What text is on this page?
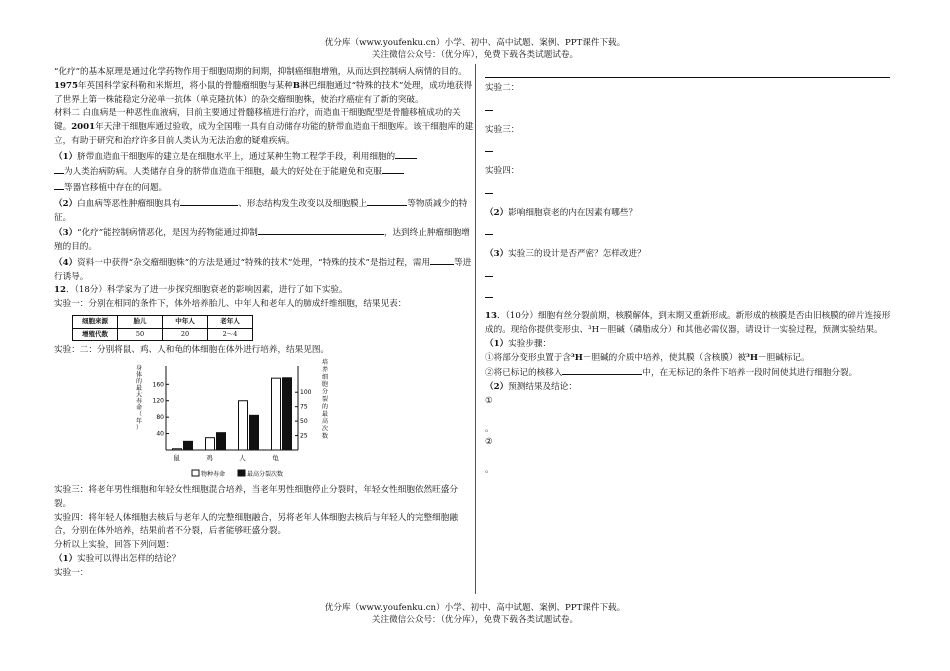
优分库（www.youfenku.cn）小学、初中、高中试题、案例、PPT课件下载。
关注微信公众号：（优分库），免费下载各类试题试卷。

“化疗”的基本原理是通过化学药物作用于细胞周期的间期，抑制癌细胞增殖，从而达到控制病人病情的目的。

1975年英国科学家科勒和米斯坦，将小鼠的骨髓瘤细胞与某种B淋巴细胞通过“特殊的技术”处理，成功地获得了世界上第一株能稳定分泌单一抗体（单克隆抗体）的杂交瘤细胞株，使治疗癌症有了新的突破。

材料二 白血病是一种恶性血液病，目前主要通过骨髓移植进行治疗，而造血干细胞配型是骨髓移植成功的关键。2001年天津干细胞库通过验收，成为全国唯一具有自动储存功能的脐带血造血干细胞库。该干细胞库的建立，有助于研究和治疗许多目前人类认为无法治愈的疑难疾病。

（1）脐带血造血干细胞库的建立是在细胞水平上，通过某种生物工程学手段，利用细胞的
为人类治病防病。人类储存自身的脐带血造血干细胞，最大的好处在于能避免和克服
等器官移植中存在的问题。

（2）白血病等恶性肿瘤细胞具有	、形态结构发生改变以及细胞膜上	等物质减少的特征。

（3）“化疗”能控制病情恶化，是因为药物能通过抑制	，达到终止肿瘤细胞增殖的目的。

（4）资料一中获得“杂交瘤细胞株”的方法是通过“特殊的技术”处理，“特殊的技术”是指过程，需用	等进行诱导。

12．（18分）科学家为了进一步探究细胞衰老的影响因素，进行了如下实验。

实验一：分别在相同的条件下，体外培养胎儿、中年人和老年人的肺成纤维细胞，结果见表：

细胞来源	胎儿	中年人	老年人
增殖代数	50	20	2～4

实验：二：分别将鼠、鸡、人和龟的体细胞在体外进行培养，结果见图。

身
体
的
最
大
寿
命
（
年
）
培
养
细
胞
分
裂
的
最
高
次
数
40
80
120
160
25
50
75
100
鼠	鸡	人	龟
物种寿命	最高分裂次数

实验三：将老年男性细胞和年轻女性细胞混合培养，当老年男性细胞停止分裂时，年轻女性细胞依然旺盛分裂。

实验四：将年轻人体细胞去核后与老年人的完整细胞融合，另将老年人体细胞去核后与年轻人的完整细胞融合，分别在体外培养，结果前者不分裂，后者能够旺盛分裂。

分析以上实验，回答下列问题：

（1）实验可以得出怎样的结论？

实验一：

实验二：

实验三：

实验四：

（2）影响细胞衰老的内在因素有哪些？

（3）实验三的设计是否严密？怎样改进？

13．（10分）细胞有丝分裂前期，核膜解体，到末期又重新形成。新形成的核膜是否由旧核膜的碎片连接形成的。现给你提供变形虫、³H－胆碱（磷脂成分）和其他必需仪器，请设计一实验过程，预测实验结果。

（1）实验步骤：

①将部分变形虫置于含³H－胆碱的介质中培养，使其膜（含核膜）被³H－胆碱标记。

②将已标记的核移入	中，在无标记的条件下培养一段时间使其进行细胞分裂。

（2）预测结果及结论：

①

。

②

。

优分库（www.youfenku.cn）小学、初中、高中试题、案例、PPT课件下载。
关注微信公众号：（优分库），免费下载各类试题试卷。
